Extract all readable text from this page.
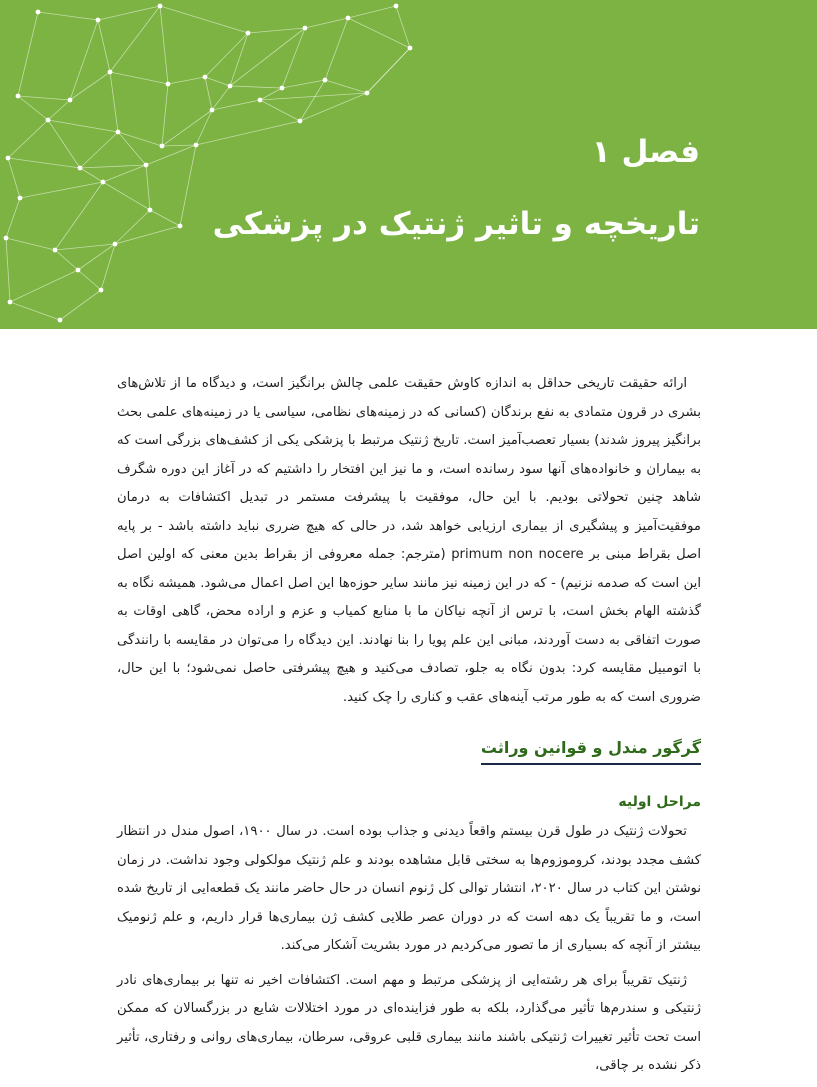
فصل ۱
تاریخچه و تاثیر ژنتیک در پزشکی

ارائه حقیقت تاریخی حداقل به اندازه کاوش حقیقت علمی چالش برانگیز است، و دیدگاه ما از تلاش‌های بشری در قرون متمادی به نفع برندگان (کسانی که در زمینه‌های نظامی، سیاسی یا در زمینه‌های علمی بحث برانگیز پیروز شدند) بسیار تعصب‌آمیز است. تاریخ ژنتیک مرتبط با پزشکی یکی از کشف‌های بزرگی است که به بیماران و خانواده‌های آنها سود رسانده است، و ما نیز این افتخار را داشتیم که در آغاز این دوره شگرف شاهد چنین تحولاتی بودیم. با این حال، موفقیت با پیشرفت مستمر در تبدیل اکتشافات به درمان موفقیت‌آمیز و پیشگیری از بیماری ارزیابی خواهد شد، در حالی که هیچ ضرری نباید داشته باشد - بر پایه اصل بقراط مبنی بر primum non nocere (مترجم: جمله معروفی از بقراط بدین معنی که اولین اصل این است که صدمه نزنیم) - که در این زمینه نیز مانند سایر حوزه‌ها این اصل اعمال می‌شود. همیشه نگاه به گذشته الهام بخش است، با ترس از آنچه نیاکان ما با منابع کمیاب و عزم و اراده محض، گاهی اوقات به صورت اتفاقی به دست آوردند، مبانی این علم پویا را بنا نهادند. این دیدگاه را می‌توان در مقایسه با رانندگی با اتومبیل مقایسه کرد: بدون نگاه به جلو، تصادف می‌کنید و هیچ پیشرفتی حاصل نمی‌شود؛ با این حال، ضروری است که به طور مرتب آینه‌های عقب و کناری را چک کنید.

گرگور مندل و قوانین وراثت
مراحل اولیه

تحولات ژنتیک در طول قرن بیستم واقعاً دیدنی و جذاب بوده است. در سال ۱۹۰۰، اصول مندل در انتظار کشف مجدد بودند، کروموزوم‌ها به سختی قابل مشاهده بودند و علم ژنتیک مولکولی وجود نداشت. در زمان نوشتن این کتاب در سال ۲۰۲۰، انتشار توالی کل ژنوم انسان در حال حاضر مانند یک قطعه‌ایی از تاریخ شده است، و ما تقریباً یک دهه است که در دوران عصر طلایی کشف ژن بیماری‌ها قرار داریم، و علم ژنومیک بیشتر از آنچه که بسیاری از ما تصور می‌کردیم در مورد بشریت آشکار می‌کند.

ژنتیک تقریباً برای هر رشته‌ایی از پزشکی مرتبط و مهم است. اکتشافات اخیر نه تنها بر بیماری‌های نادر ژنتیکی و سندرم‌ها تأثیر می‌گذارد، بلکه به طور فزاینده‌ای در مورد اختلالات شایع در بزرگسالان که ممکن است تحت تأثیر تغییرات ژنتیکی باشند مانند بیماری قلبی عروقی، سرطان، بیماری‌های روانی و رفتاری، تأثیر ذکر نشده بر چاقی،
